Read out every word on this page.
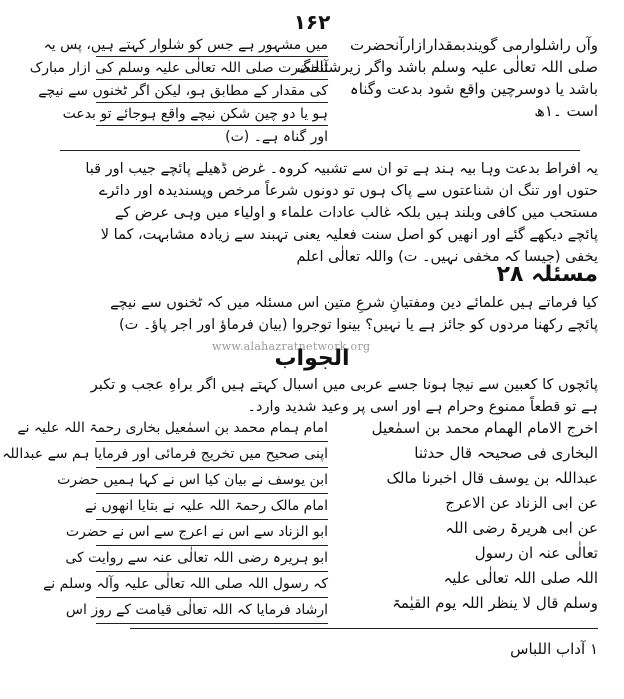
۱۶۲
وآں راشلوارمی گویندبمقدارازارآنحضرت
صلی اللہ تعالٰی علیہ وسلم باشد واگر زیرشتالنگ
باشد یا دوسرچین واقع شود بدعت وگناہ
است ۔۱ھ
میں مشہور ہے جس کو شلوار کہتے ہیں، پس یہ
آنحضرت صلی اللہ تعالٰی علیہ وسلم کی ازار مبارک
کی مقدار کے مطابق ہو، لیکن اگر ٹخنوں سے نیچے
ہو یا دو چین شکن نیچے واقع ہوجائے تو بدعت
اور گناہ ہے۔ (ت)
یہ افراط بدعت وہا بیہ ہند ہے تو ان سے تشبیہ کروہ۔ غرض ڈھیلے پائچے جیب اور قبا حتوں اور تنگ ان شناعتوں سے پاک ہوں تو دونوں شرعاً مرخص وپسندیدہ اور دائرے مستحب میں کافی وبلند ہیں بلکہ غالب عادات علماء و اولیاء میں وہی عرض کے پائچے دیکھے گئے اور انھیں کو اصل سنت فعلیہ یعنی تہبند سے زیادہ مشابہت، کما لا یخفی (جیسا کہ مخفی نہیں۔ ت) واللہ تعالٰی اعلم
مسئلہ ۲۸
کیا فرماتے ہیں علمائے دین ومفتیانِ شرعِ متین اس مسئلہ میں کہ ٹخنوں سے نیچے پائچے رکھنا مردوں کو جائز ہے یا نہیں؟ بینوا توجروا (بیان فرماؤ اور اجر پاؤ۔ ت)
www.alahazratnetwork.org
الجواب
پائچوں کا کعبین سے نیچا ہونا جسے عربی میں اسبال کہتے ہیں اگر براہِ عجب و تکبر ہے تو قطعاً ممنوع وحرام ہے اور اسی پر وعید شدید وارد۔
اخرج الامام الھمام محمد بن اسمٰعیل
البخاری فی صحیحہ قال حدثنا
عبداللہ بن یوسف قال اخبرنا مالک
عن ابی الزناد عن الاعرج
عن ابی ھریرۃ رضی اللہ
تعالٰی عنہ ان رسول
اللہ صلی اللہ تعالٰی علیہ
وسلم قال لا ینظر اللہ یوم القیٰمۃ
امام ہمام محمد بن اسمٰعیل بخاری رحمۃ اللہ علیہ نے
اپنی صحیح میں تخریج فرمائی اور فرمایا ہم سے عبداللہ
ابن یوسف نے بیان کیا اس نے کہا ہمیں حضرت
امام مالک رحمۃ اللہ علیہ نے بتایا انھوں نے
ابو الزناد سے اس نے اعرج سے اس نے حضرت
ابو ہریرہ رضی اللہ تعالٰی عنہ سے روایت کی
کہ رسول اللہ صلی اللہ تعالٰی علیہ وآلہ وسلم نے
ارشاد فرمایا کہ اللہ تعالٰی قیامت کے روز اس
۱ آداب اللباس
